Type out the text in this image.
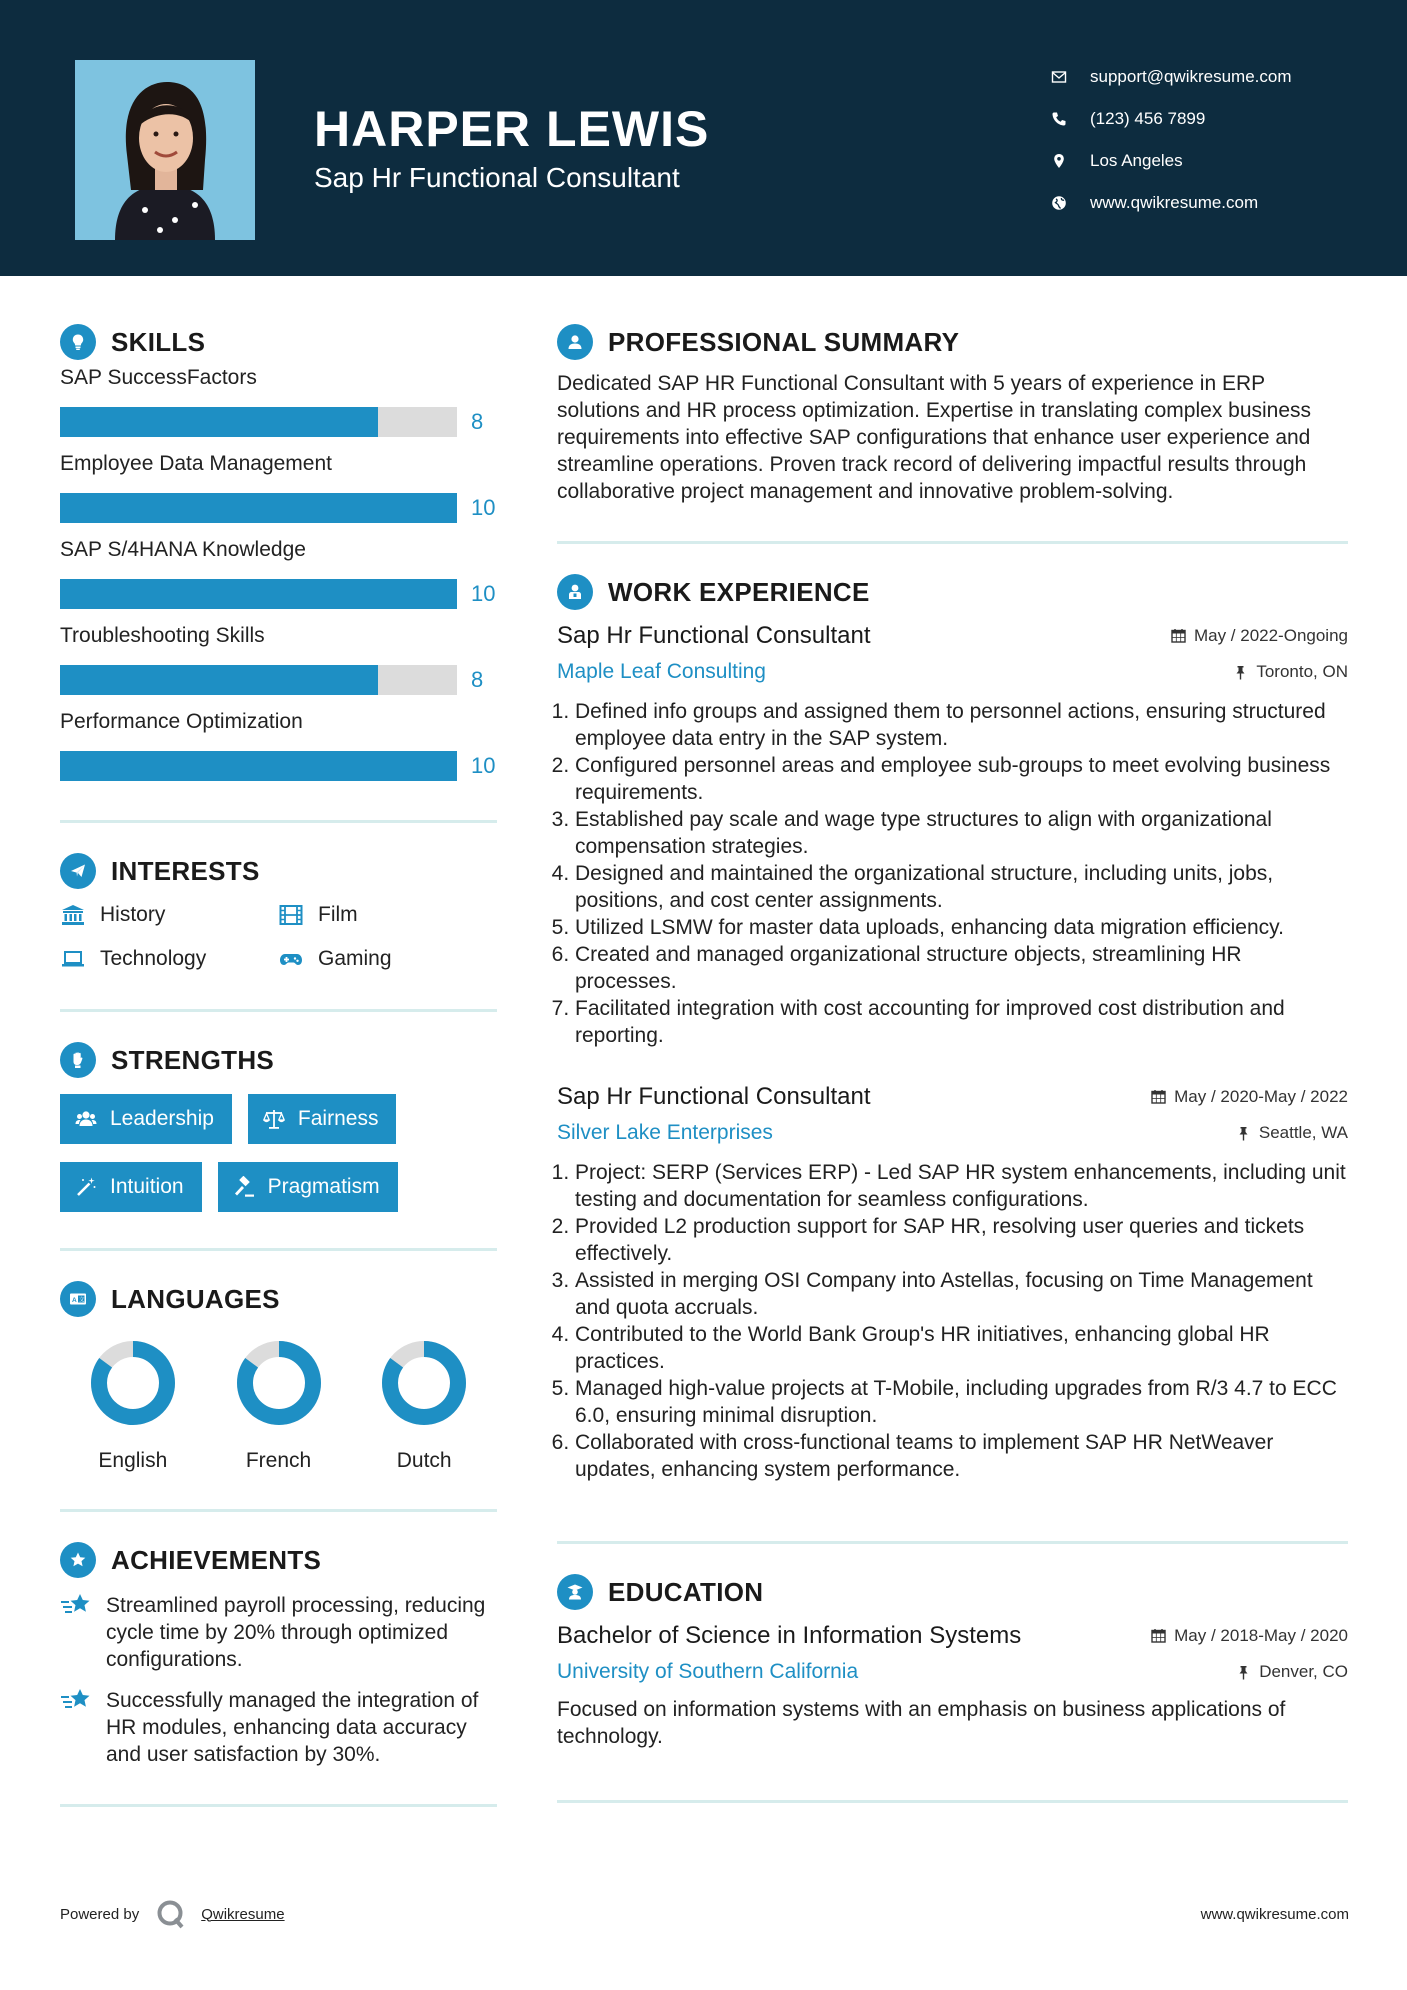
HARPER LEWIS
Sap Hr Functional Consultant
support@qwikresume.com
(123) 456 7899
Los Angeles
www.qwikresume.com
SKILLS
SAP SuccessFactors
8
Employee Data Management
10
SAP S/4HANA Knowledge
10
Troubleshooting Skills
8
Performance Optimization
10
INTERESTS
History	Film
Technology	Gaming
STRENGTHS
Leadership	Fairness
Intuition	Pragmatism
A 文 LANGUAGES
English	French	Dutch
ACHIEVEMENTS
Streamlined payroll processing, reducing cycle time by 20% through optimized configurations.
Successfully managed the integration of HR modules, enhancing data accuracy and user satisfaction by 30%.
PROFESSIONAL SUMMARY

Dedicated SAP HR Functional Consultant with 5 years of experience in ERP solutions and HR process optimization. Expertise in translating complex business requirements into effective SAP configurations that enhance user experience and streamline operations. Proven track record of delivering impactful results through collaborative project management and innovative problem-solving.

WORK EXPERIENCE
Sap Hr Functional Consultant	May / 2022-Ongoing
Maple Leaf Consulting	Toronto, ON
1. Defined info groups and assigned them to personnel actions, ensuring structured employee data entry in the SAP system.
2. Configured personnel areas and employee sub-groups to meet evolving business requirements.
3. Established pay scale and wage type structures to align with organizational compensation strategies.
4. Designed and maintained the organizational structure, including units, jobs, positions, and cost center assignments.
5. Utilized LSMW for master data uploads, enhancing data migration efficiency.
6. Created and managed organizational structure objects, streamlining HR processes.
7. Facilitated integration with cost accounting for improved cost distribution and reporting.
Sap Hr Functional Consultant	May / 2020-May / 2022
Silver Lake Enterprises	Seattle, WA
1. Project: SERP (Services ERP) - Led SAP HR system enhancements, including unit testing and documentation for seamless configurations.
2. Provided L2 production support for SAP HR, resolving user queries and tickets effectively.
3. Assisted in merging OSI Company into Astellas, focusing on Time Management and quota accruals.
4. Contributed to the World Bank Group's HR initiatives, enhancing global HR practices.
5. Managed high-value projects at T-Mobile, including upgrades from R/3 4.7 to ECC 6.0, ensuring minimal disruption.
6. Collaborated with cross-functional teams to implement SAP HR NetWeaver updates, enhancing system performance.
EDUCATION
Bachelor of Science in Information Systems	May / 2018-May / 2020
University of Southern California	Denver, CO

Focused on information systems with an emphasis on business applications of technology.

Powered by	Qwikresume	www.qwikresume.com
